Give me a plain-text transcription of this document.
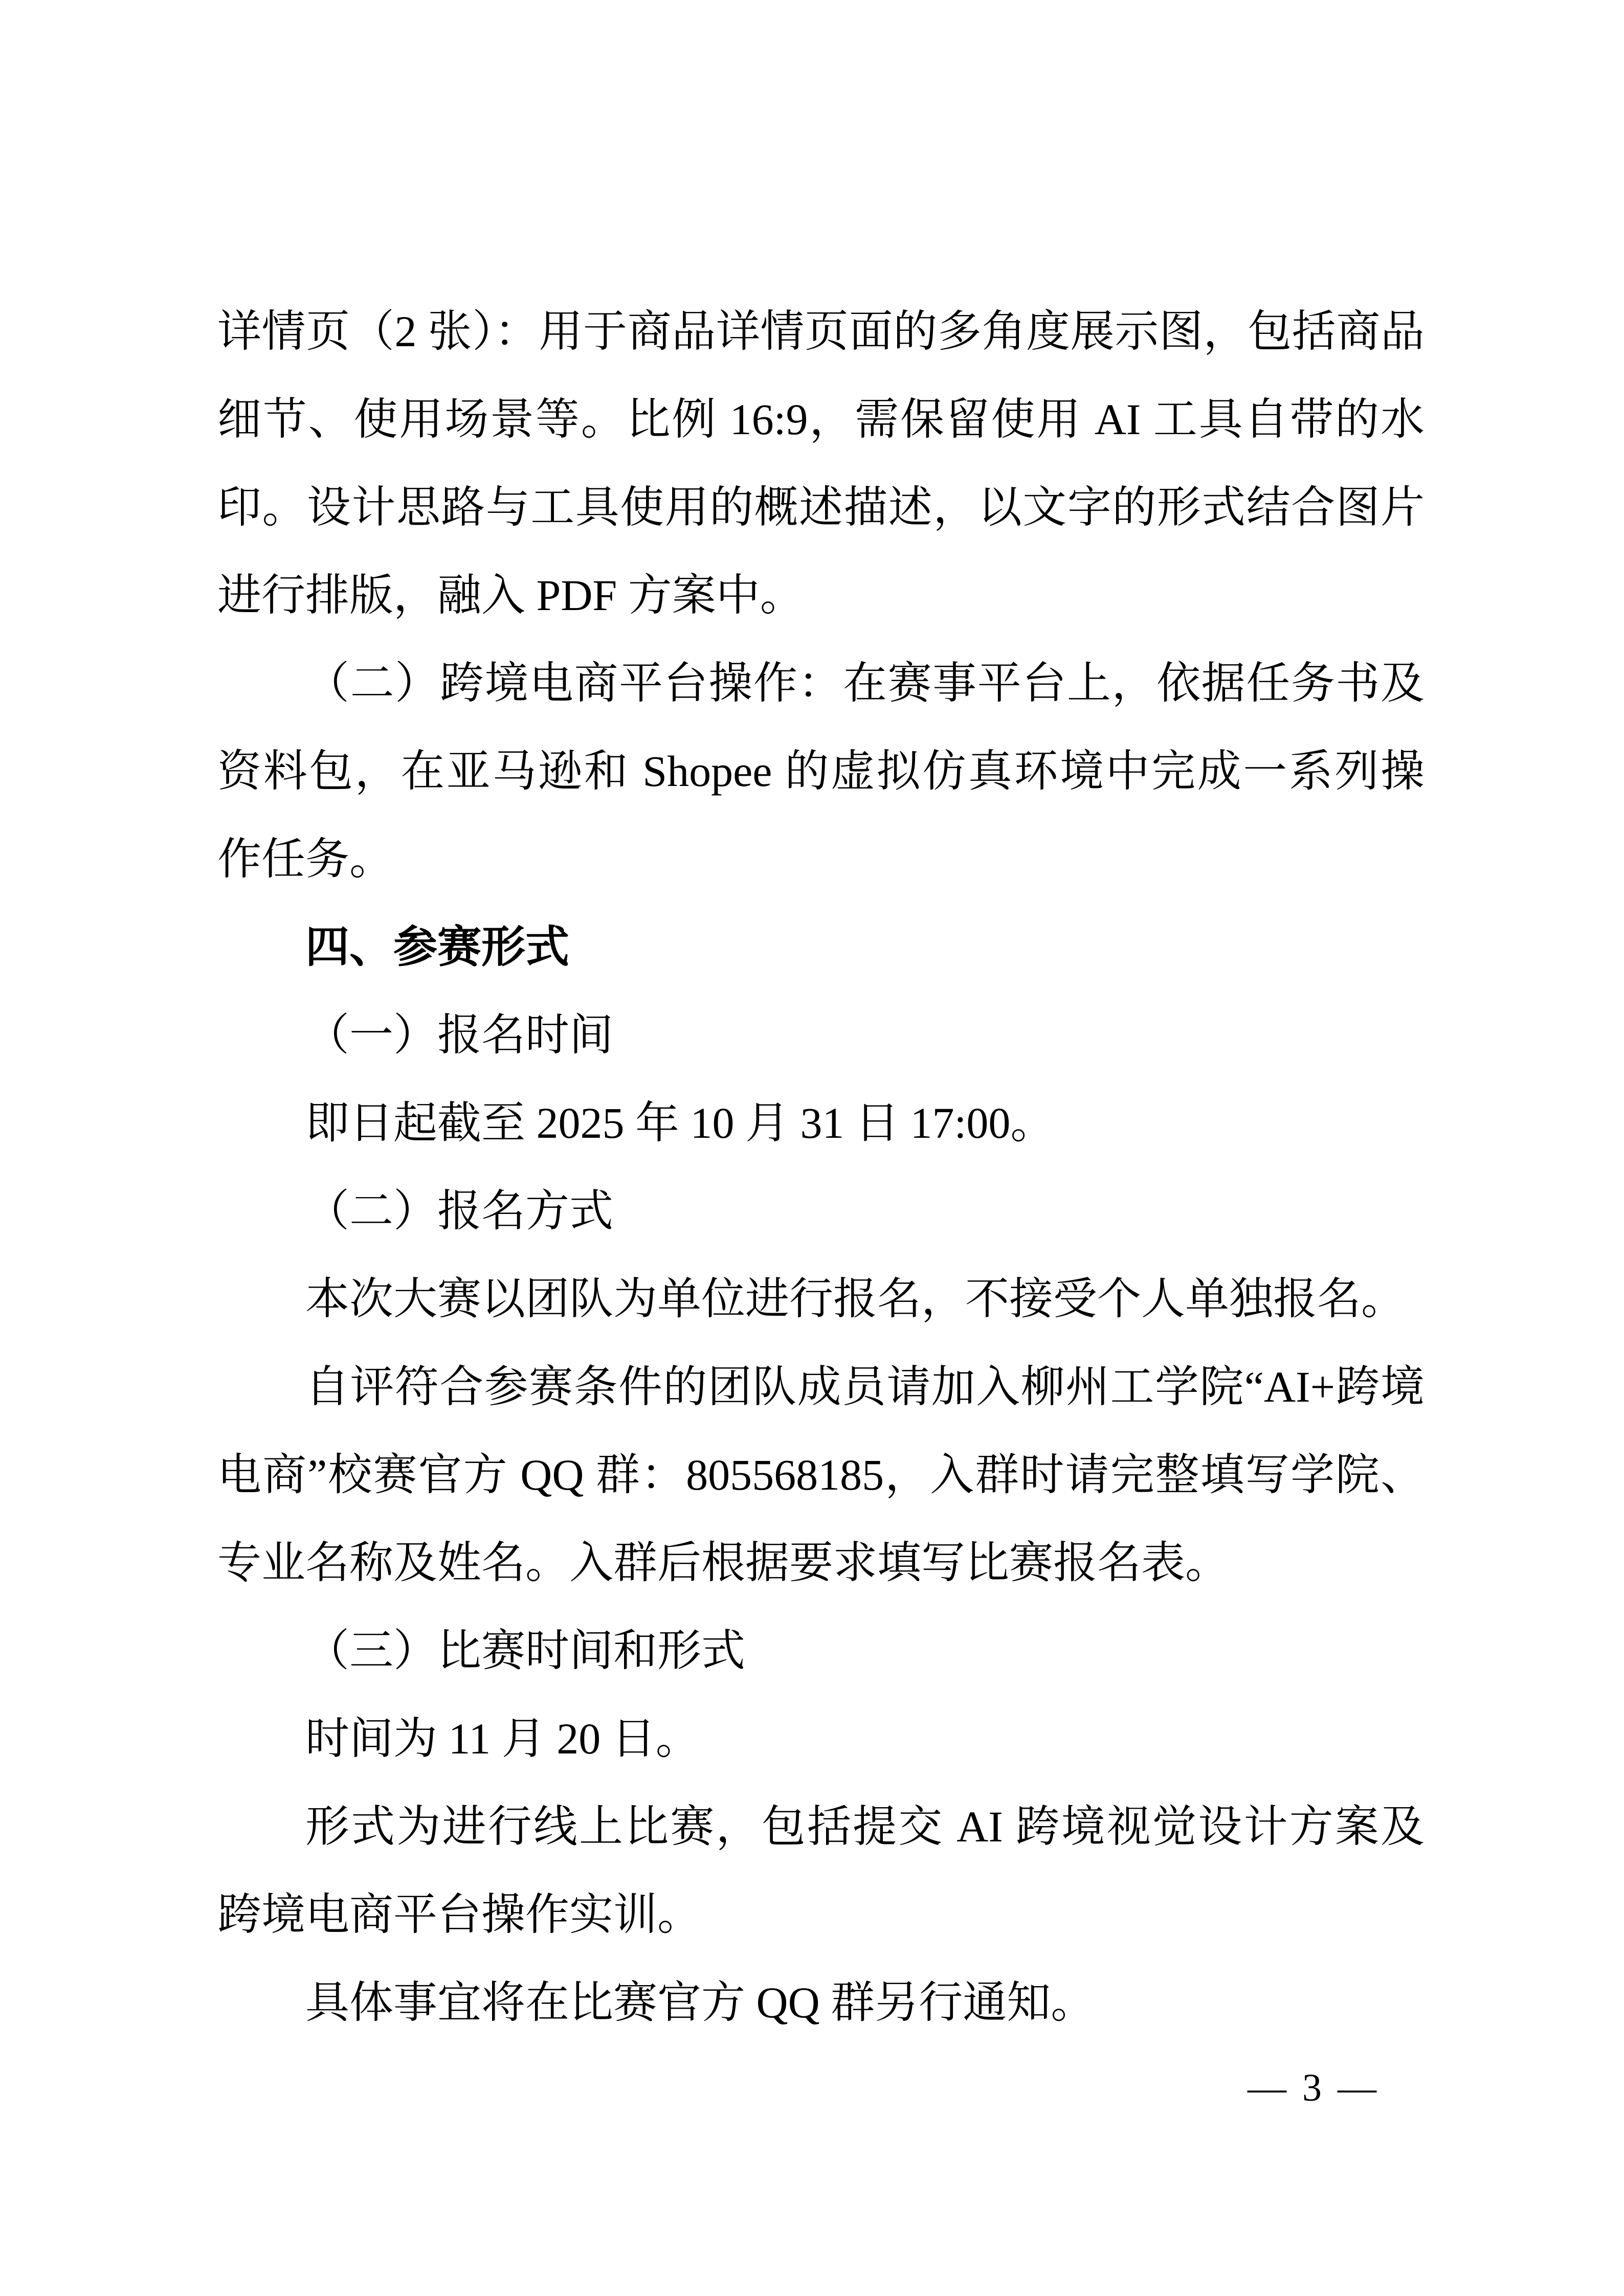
详情页（2 张）：用于商品详情页面的多角度展示图，包括商品细节、使用场景等。比例 16:9，需保留使用 AI 工具自带的水印。设计思路与工具使用的概述描述，以文字的形式结合图片进行排版，融入 PDF 方案中。

（二）跨境电商平台操作：在赛事平台上，依据任务书及资料包，在亚马逊和 Shopee 的虚拟仿真环境中完成一系列操作任务。

四、参赛形式

（一）报名时间

即日起截至 2025 年 10 月 31 日 17:00。

（二）报名方式

本次大赛以团队为单位进行报名，不接受个人单独报名。

自评符合参赛条件的团队成员请加入柳州工学院“AI+跨境电商”校赛官方 QQ 群：805568185，入群时请完整填写学院、专业名称及姓名。入群后根据要求填写比赛报名表。

（三）比赛时间和形式

时间为 11 月 20 日。

形式为进行线上比赛，包括提交 AI 跨境视觉设计方案及跨境电商平台操作实训。

具体事宜将在比赛官方 QQ 群另行通知。

— 3 —
